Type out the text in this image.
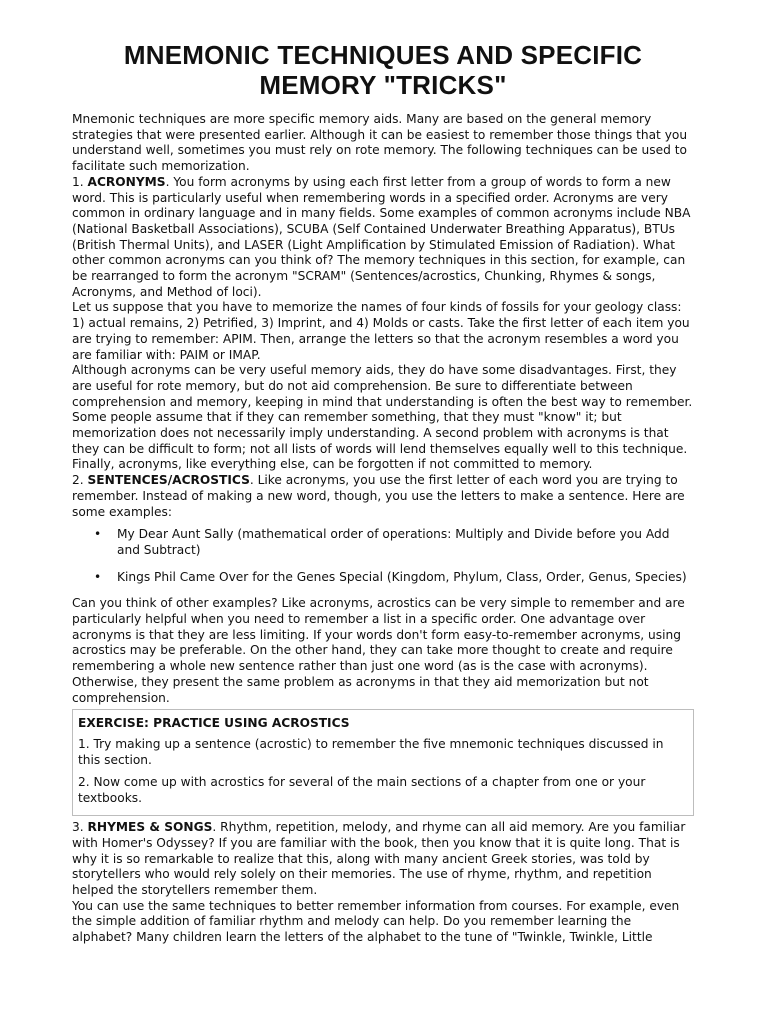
MNEMONIC TECHNIQUES AND SPECIFIC MEMORY "TRICKS"

Mnemonic techniques are more specific memory aids. Many are based on the general memory strategies that were presented earlier. Although it can be easiest to remember those things that you understand well, sometimes you must rely on rote memory. The following techniques can be used to facilitate such memorization.

1. ACRONYMS. You form acronyms by using each first letter from a group of words to form a new word. This is particularly useful when remembering words in a specified order. Acronyms are very common in ordinary language and in many fields. Some examples of common acronyms include NBA (National Basketball Associations), SCUBA (Self Contained Underwater Breathing Apparatus), BTUs (British Thermal Units), and LASER (Light Amplification by Stimulated Emission of Radiation). What other common acronyms can you think of? The memory techniques in this section, for example, can be rearranged to form the acronym "SCRAM" (Sentences/acrostics, Chunking, Rhymes & songs, Acronyms, and Method of loci).

Let us suppose that you have to memorize the names of four kinds of fossils for your geology class: 1) actual remains, 2) Petrified, 3) Imprint, and 4) Molds or casts. Take the first letter of each item you are trying to remember: APIM. Then, arrange the letters so that the acronym resembles a word you are familiar with: PAIM or IMAP.

Although acronyms can be very useful memory aids, they do have some disadvantages. First, they are useful for rote memory, but do not aid comprehension. Be sure to differentiate between comprehension and memory, keeping in mind that understanding is often the best way to remember. Some people assume that if they can remember something, that they must "know" it; but memorization does not necessarily imply understanding. A second problem with acronyms is that they can be difficult to form; not all lists of words will lend themselves equally well to this technique. Finally, acronyms, like everything else, can be forgotten if not committed to memory.

2. SENTENCES/ACROSTICS. Like acronyms, you use the first letter of each word you are trying to remember. Instead of making a new word, though, you use the letters to make a sentence. Here are some examples:

• My Dear Aunt Sally (mathematical order of operations: Multiply and Divide before you Add and Subtract)
• Kings Phil Came Over for the Genes Special (Kingdom, Phylum, Class, Order, Genus, Species)

Can you think of other examples? Like acronyms, acrostics can be very simple to remember and are particularly helpful when you need to remember a list in a specific order. One advantage over acronyms is that they are less limiting. If your words don't form easy-to-remember acronyms, using acrostics may be preferable. On the other hand, they can take more thought to create and require remembering a whole new sentence rather than just one word (as is the case with acronyms). Otherwise, they present the same problem as acronyms in that they aid memorization but not comprehension.

EXERCISE: PRACTICE USING ACROSTICS
1. Try making up a sentence (acrostic) to remember the five mnemonic techniques discussed in this section.
2. Now come up with acrostics for several of the main sections of a chapter from one or your textbooks.

3. RHYMES & SONGS. Rhythm, repetition, melody, and rhyme can all aid memory. Are you familiar with Homer's Odyssey? If you are familiar with the book, then you know that it is quite long. That is why it is so remarkable to realize that this, along with many ancient Greek stories, was told by storytellers who would rely solely on their memories. The use of rhyme, rhythm, and repetition helped the storytellers remember them.

You can use the same techniques to better remember information from courses. For example, even the simple addition of familiar rhythm and melody can help. Do you remember learning the alphabet? Many children learn the letters of the alphabet to the tune of "Twinkle, Twinkle, Little
